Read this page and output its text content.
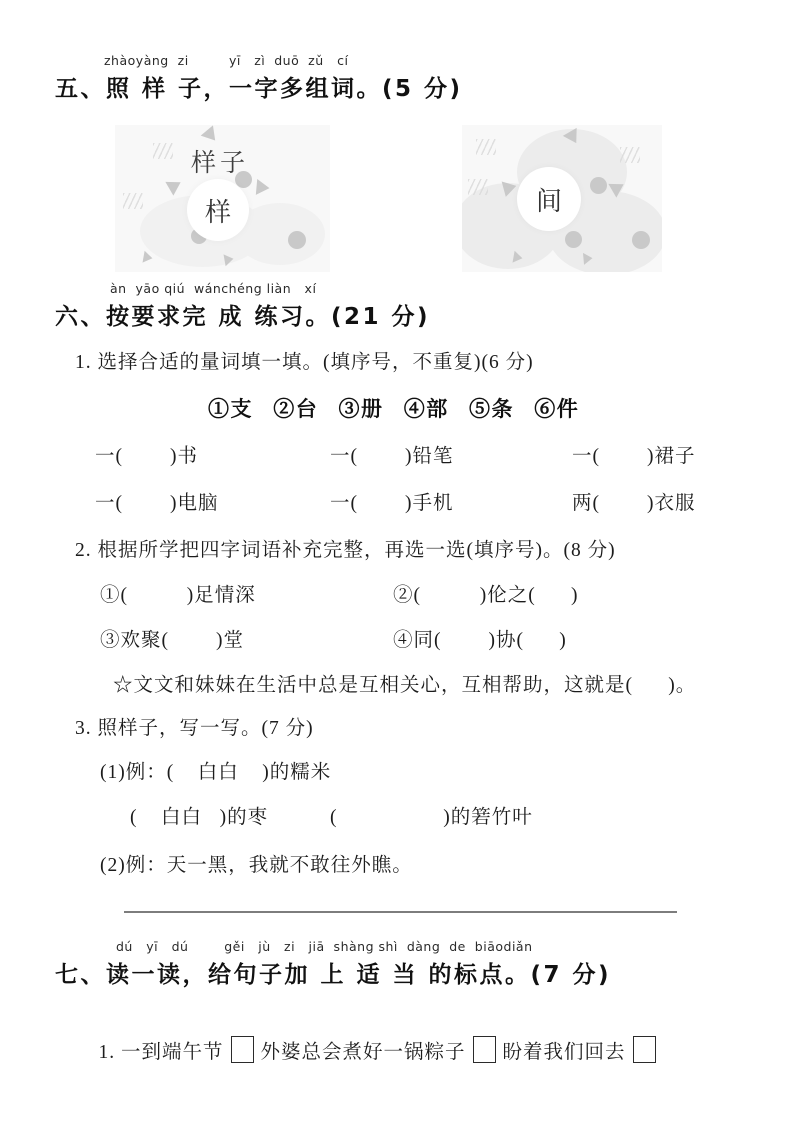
zhàoyàng  zi         yī   zì  duō  zǔ   cí
五、照 样 子，一字多组词。(5 分)
样子
样	间
àn  yāo qiú  wánchéng liàn   xí
六、按要求完 成 练习。(21 分)
1. 选择合适的量词填一填。(填序号，不重复)(6 分)
①支   ②台   ③册   ④部   ⑤条   ⑥件
一(        )书	一(        )铅笔	一(        )裙子
一(        )电脑	一(        )手机	两(        )衣服
2. 根据所学把四字词语补充完整，再选一选(填序号)。(8 分)
①(          )足情深	②(          )伦之(      )
③欢聚(        )堂	④同(        )协(      )
☆文文和妹妹在生活中总是互相关心，互相帮助，这就是(      )。
3. 照样子，写一写。(7 分)
(1)例：(    白白    )的糯米
(    白白   )的枣	(                  )的箬竹叶
(2)例：天一黑，我就不敢往外瞧。
dú   yī   dú        gěi   jù   zi   jiā  shàng shì  dàng  de  biāodiǎn
七、读一读，给句子加 上 适 当 的标点。(7 分)

1. 一到端午节 外婆总会煮好一锅粽子 盼着我们回去
